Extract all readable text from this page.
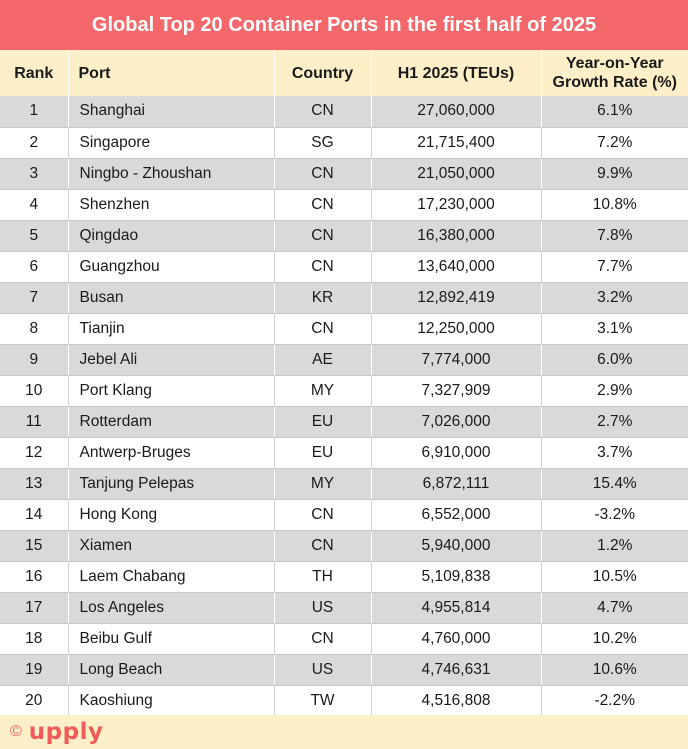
Global Top 20 Container Ports in the first half of 2025
Rank	Port	Country	H1 2025 (TEUs)	Year-on-Year
Growth Rate (%)
1	Shanghai	CN	27,060,000	6.1%
2	Singapore	SG	21,715,400	7.2%
3	Ningbo - Zhoushan	CN	21,050,000	9.9%
4	Shenzhen	CN	17,230,000	10.8%
5	Qingdao	CN	16,380,000	7.8%
6	Guangzhou	CN	13,640,000	7.7%
7	Busan	KR	12,892,419	3.2%
8	Tianjin	CN	12,250,000	3.1%
9	Jebel Ali	AE	7,774,000	6.0%
10	Port Klang	MY	7,327,909	2.9%
11	Rotterdam	EU	7,026,000	2.7%
12	Antwerp-Bruges	EU	6,910,000	3.7%
13	Tanjung Pelepas	MY	6,872,111	15.4%
14	Hong Kong	CN	6,552,000	-3.2%
15	Xiamen	CN	5,940,000	1.2%
16	Laem Chabang	TH	5,109,838	10.5%
17	Los Angeles	US	4,955,814	4.7%
18	Beibu Gulf	CN	4,760,000	10.2%
19	Long Beach	US	4,746,631	10.6%
20	Kaoshiung	TW	4,516,808	-2.2%
© upply
